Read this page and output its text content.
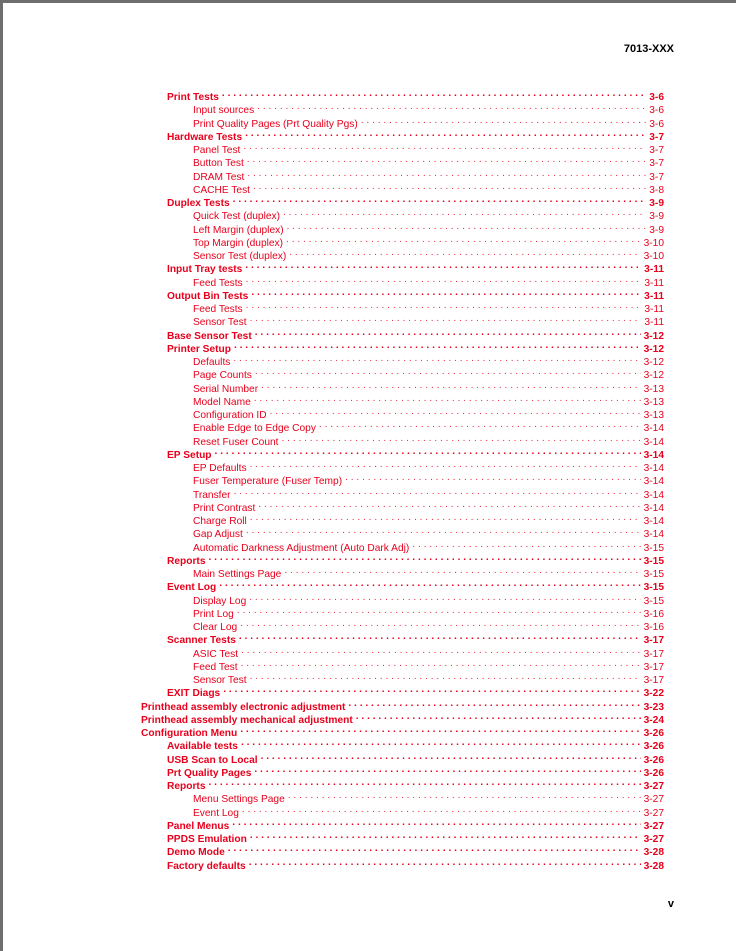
7013-XXX
Print Tests . . .	3-6
Input sources . . .	3-6
Print Quality Pages (Prt Quality Pgs) . . .	3-6
Hardware Tests . . .	3-7
Panel Test . . .	3-7
Button Test . . .	3-7
DRAM Test . . .	3-7
CACHE Test . . .	3-8
Duplex Tests . . .	3-9
Quick Test (duplex) . . .	3-9
Left Margin (duplex) . . .	3-9
Top Margin (duplex) . . .	3-10
Sensor Test (duplex) . . .	3-10
Input Tray tests . . .	3-11
Feed Tests . . .	3-11
Output Bin Tests . . .	3-11
Feed Tests . . .	3-11
Sensor Test . . .	3-11
Base Sensor Test . . .	3-12
Printer Setup . . .	3-12
Defaults . . .	3-12
Page Counts . . .	3-12
Serial Number . . .	3-13
Model Name . . .	3-13
Configuration ID . . .	3-13
Enable Edge to Edge Copy . . .	3-14
Reset Fuser Count . . .	3-14
EP Setup . . .	3-14
EP Defaults . . .	3-14
Fuser Temperature (Fuser Temp) . . .	3-14
Transfer . . .	3-14
Print Contrast . . .	3-14
Charge Roll . . .	3-14
Gap Adjust . . .	3-14
Automatic Darkness Adjustment (Auto Dark Adj) . . .	3-15
Reports . . .	3-15
Main Settings Page . . .	3-15
Event Log . . .	3-15
Display Log . . .	3-15
Print Log . . .	3-16
Clear Log . . .	3-16
Scanner Tests . . .	3-17
ASIC Test . . .	3-17
Feed Test . . .	3-17
Sensor Test . . .	3-17
EXIT Diags . . .	3-22
Printhead assembly electronic adjustment . . .	3-23
Printhead assembly mechanical adjustment . . .	3-24
Configuration Menu . . .	3-26
Available tests . . .	3-26
USB Scan to Local . . .	3-26
Prt Quality Pages . . .	3-26
Reports . . .	3-27
Menu Settings Page . . .	3-27
Event Log . . .	3-27
Panel Menus . . .	3-27
PPDS Emulation . . .	3-27
Demo Mode . . .	3-28
Factory defaults . . .	3-28
v
